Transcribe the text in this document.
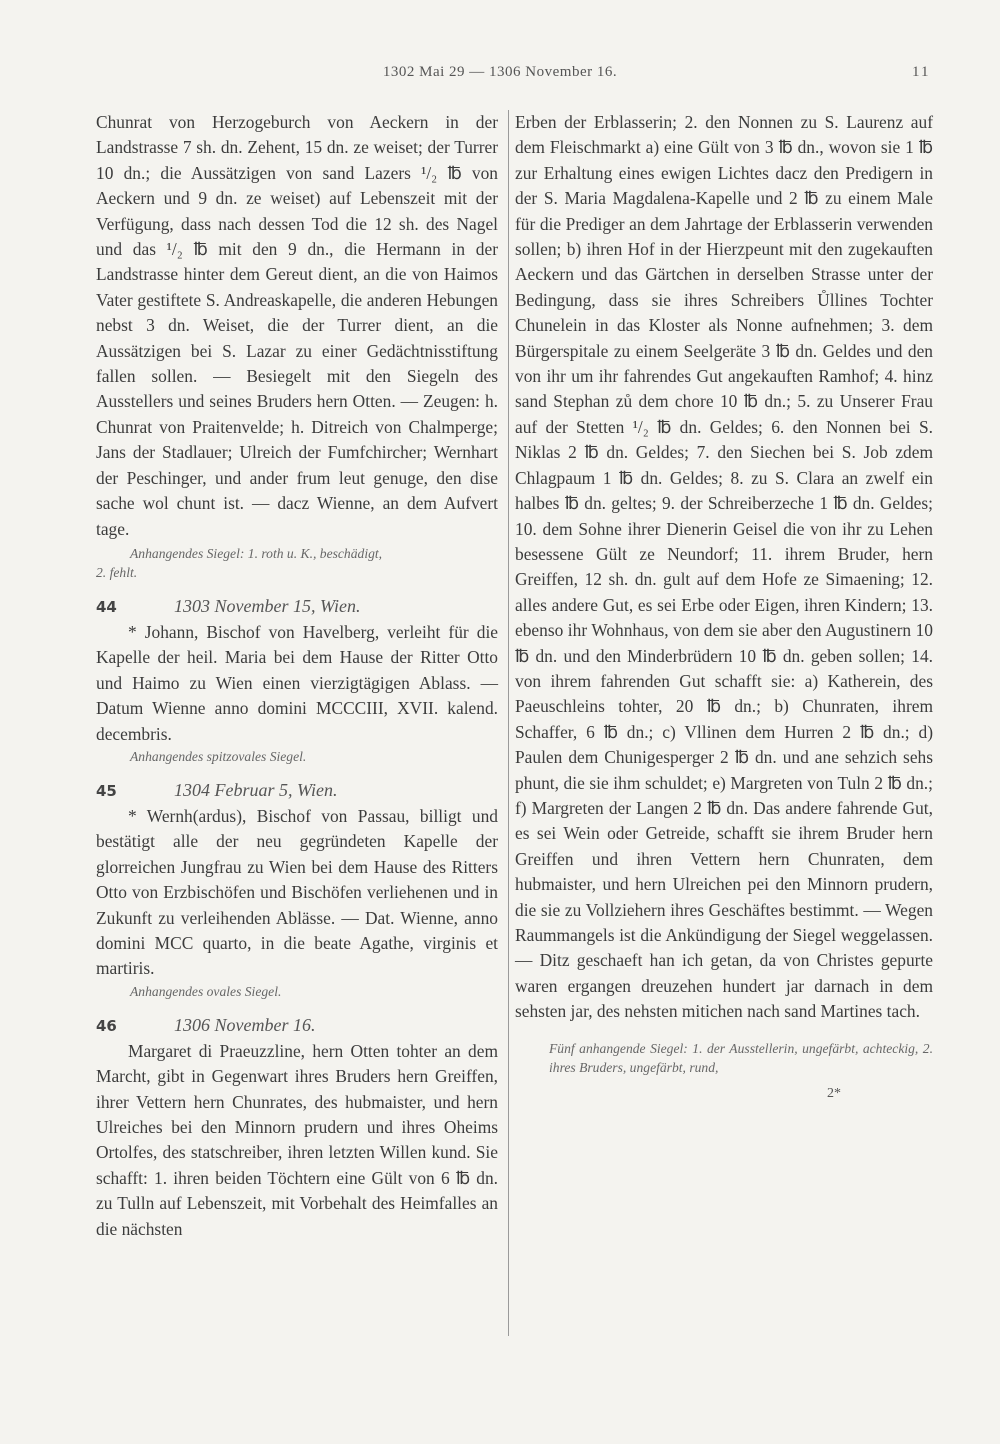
1302 Mai 29 — 1306 November 16.	11

Chunrat von Herzogeburch von Aeckern in der Landstrasse 7 sh. dn. Zehent, 15 dn. ze weiset; der Turrer 10 dn.; die Aussätzigen von sand Lazers ¹/₂ ℔ von Aeckern und 9 dn. ze weiset) auf Lebenszeit mit der Verfügung, dass nach dessen Tod die 12 sh. des Nagel und das ¹/₂ ℔ mit den 9 dn., die Hermann in der Landstrasse hinter dem Gereut dient, an die von Haimos Vater gestiftete S. Andreaskapelle, die anderen Hebungen nebst 3 dn. Weiset, die der Turrer dient, an die Aussätzigen bei S. Lazar zu einer Gedächtnisstiftung fallen sollen. — Besiegelt mit den Siegeln des Ausstellers und seines Bruders hern Otten. — Zeugen: h. Chunrat von Praitenvelde; h. Ditreich von Chalmperge; Jans der Stadlauer; Ulreich der Fumfchircher; Wernhart der Peschinger, und ander frum leut genuge, den dise sache wol chunt ist. — dacz Wienne, an dem Aufvert tage.

Anhangendes Siegel: 1. roth u. K., beschädigt,
2. fehlt.
44	1303 November 15, Wien.

* Johann, Bischof von Havelberg, verleiht für die Kapelle der heil. Maria bei dem Hause der Ritter Otto und Haimo zu Wien einen vierzigtägigen Ablass. — Datum Wienne anno domini MCCCIII, XVII. kalend. decembris.

Anhangendes spitzovales Siegel.
45	1304 Februar 5, Wien.

* Wernh(ardus), Bischof von Passau, billigt und bestätigt alle der neu gegründeten Kapelle der glorreichen Jungfrau zu Wien bei dem Hause des Ritters Otto von Erzbischöfen und Bischöfen verliehenen und in Zukunft zu verleihenden Ablässe. — Dat. Wienne, anno domini MCC quarto, in die beate Agathe, virginis et martiris.

Anhangendes ovales Siegel.
46	1306 November 16.

Margaret di Praeuzzline, hern Otten tohter an dem Marcht, gibt in Gegenwart ihres Bruders hern Greiffen, ihrer Vettern hern Chunrates, des hubmaister, und hern Ulreiches bei den Minnorn prudern und ihres Oheims Ortolfes, des statschreiber, ihren letzten Willen kund. Sie schafft: 1. ihren beiden Töchtern eine Gült von 6 ℔ dn. zu Tulln auf Lebenszeit, mit Vorbehalt des Heimfalles an die nächsten

Erben der Erblasserin; 2. den Nonnen zu S. Laurenz auf dem Fleischmarkt a) eine Gült von 3 ℔ dn., wovon sie 1 ℔ zur Erhaltung eines ewigen Lichtes dacz den Predigern in der S. Maria Magdalena-Kapelle und 2 ℔ zu einem Male für die Prediger an dem Jahrtage der Erblasserin verwenden sollen; b) ihren Hof in der Hierzpeunt mit den zugekauften Aeckern und das Gärtchen in derselben Strasse unter der Bedingung, dass sie ihres Schreibers Ůllines Tochter Chunelein in das Kloster als Nonne aufnehmen; 3. dem Bürgerspitale zu einem Seelgeräte 3 ℔ dn. Geldes und den von ihr um ihr fahrendes Gut angekauften Ramhof; 4. hinz sand Stephan zů dem chore 10 ℔ dn.; 5. zu Unserer Frau auf der Stetten ¹/₂ ℔ dn. Geldes; 6. den Nonnen bei S. Niklas 2 ℔ dn. Geldes; 7. den Siechen bei S. Job zdem Chlagpaum 1 ℔ dn. Geldes; 8. zu S. Clara an zwelf ein halbes ℔ dn. geltes; 9. der Schreiberzeche 1 ℔ dn. Geldes; 10. dem Sohne ihrer Dienerin Geisel die von ihr zu Lehen besessene Gült ze Neundorf; 11. ihrem Bruder, hern Greiffen, 12 sh. dn. gult auf dem Hofe ze Simaening; 12. alles andere Gut, es sei Erbe oder Eigen, ihren Kindern; 13. ebenso ihr Wohnhaus, von dem sie aber den Augustinern 10 ℔ dn. und den Minderbrüdern 10 ℔ dn. geben sollen; 14. von ihrem fahrenden Gut schafft sie: a) Katherein, des Paeuschleins tohter, 20 ℔ dn.; b) Chunraten, ihrem Schaffer, 6 ℔ dn.; c) Vllinen dem Hurren 2 ℔ dn.; d) Paulen dem Chunigesperger 2 ℔ dn. und ane sehzich sehs phunt, die sie ihm schuldet; e) Margreten von Tuln 2 ℔ dn.; f) Margreten der Langen 2 ℔ dn. Das andere fahrende Gut, es sei Wein oder Getreide, schafft sie ihrem Bruder hern Greiffen und ihren Vettern hern Chunraten, dem hubmaister, und hern Ulreichen pei den Minnorn prudern, die sie zu Vollziehern ihres Geschäftes bestimmt. — Wegen Raummangels ist die Ankündigung der Siegel weggelassen. — Ditz geschaeft han ich getan, da von Christes gepurte waren ergangen dreuzehen hundert jar darnach in dem sehsten jar, des nehsten mitichen nach sand Martines tach.

Fünf anhangende Siegel: 1. der Ausstellerin, ungefärbt, achteckig, 2. ihres Bruders, ungefärbt, rund,
2*
